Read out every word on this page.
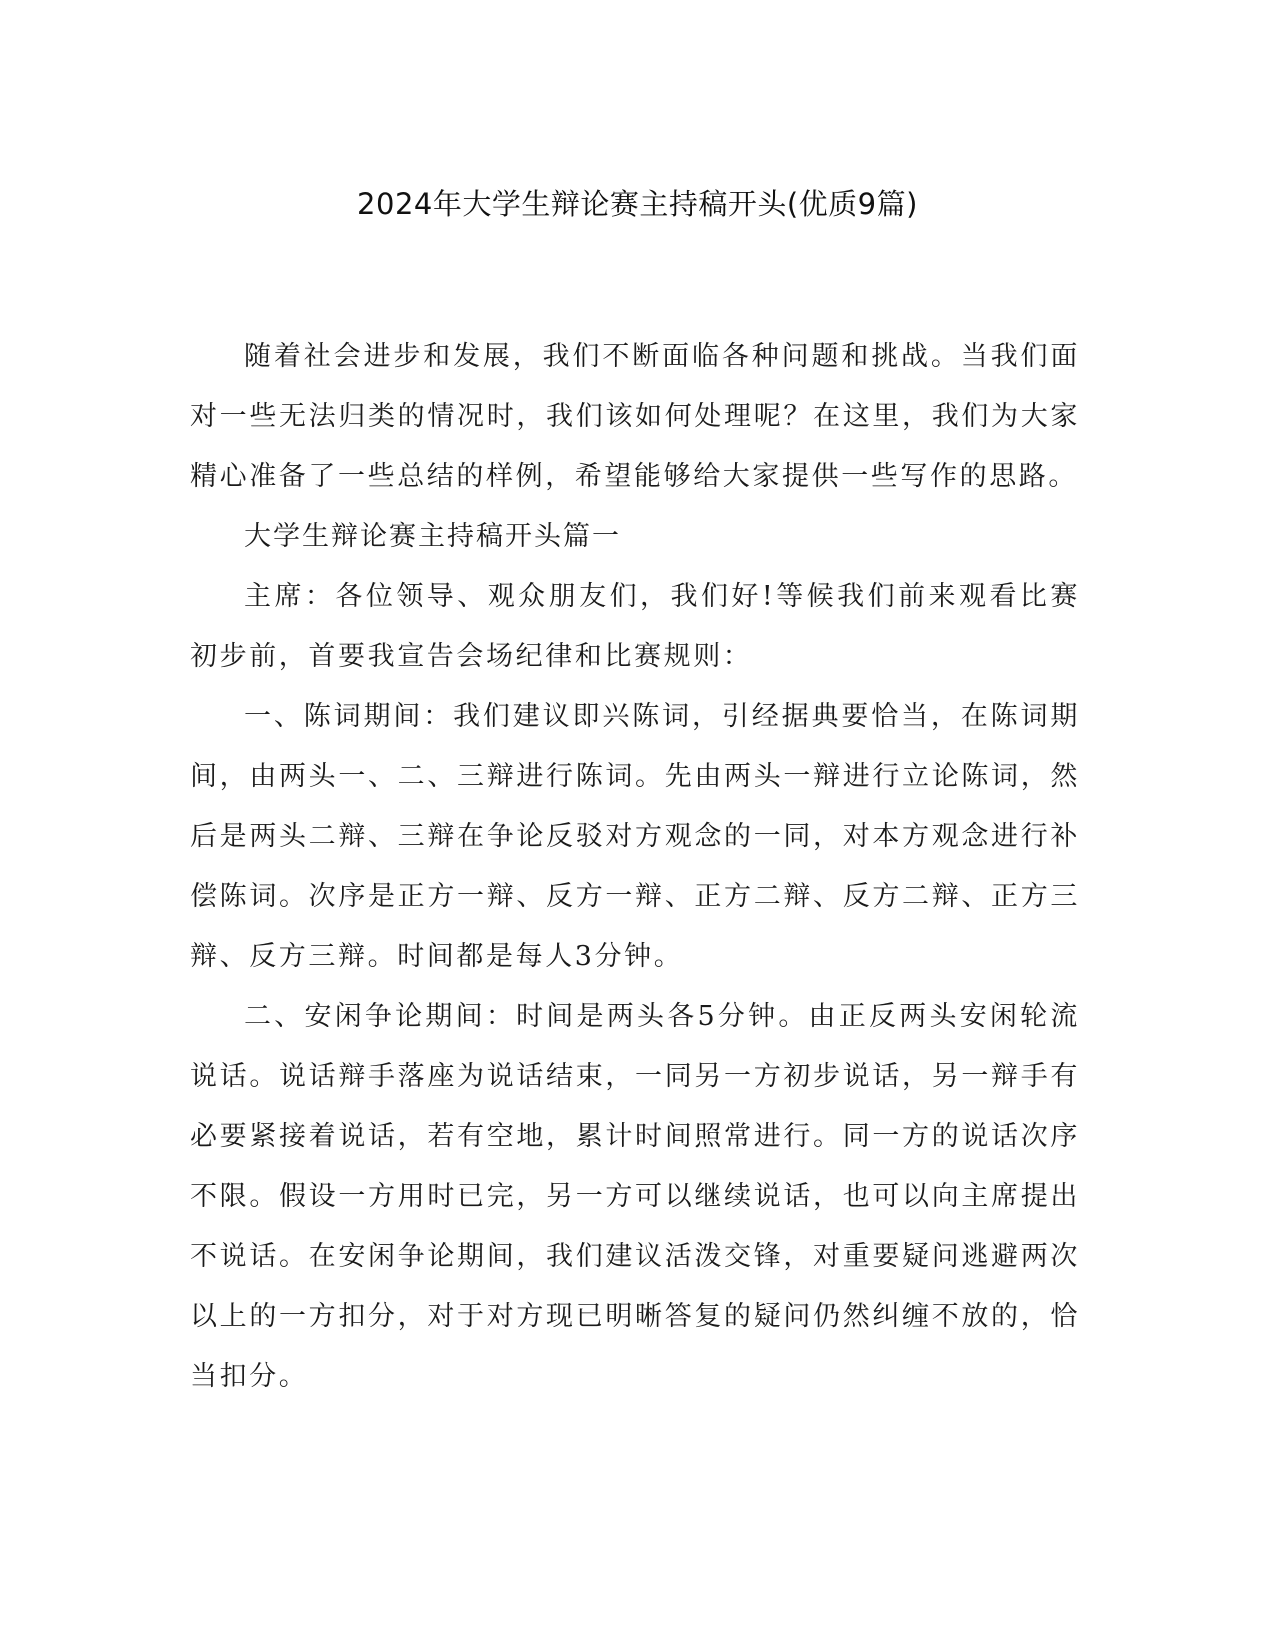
2024年大学生辩论赛主持稿开头(优质9篇)

随着社会进步和发展，我们不断面临各种问题和挑战。当我们面对一些无法归类的情况时，我们该如何处理呢？在这里，我们为大家精心准备了一些总结的样例，希望能够给大家提供一些写作的思路。

大学生辩论赛主持稿开头篇一

主席：各位领导、观众朋友们，我们好!等候我们前来观看比赛初步前，首要我宣告会场纪律和比赛规则：

一、陈词期间：我们建议即兴陈词，引经据典要恰当，在陈词期间，由两头一、二、三辩进行陈词。先由两头一辩进行立论陈词，然后是两头二辩、三辩在争论反驳对方观念的一同，对本方观念进行补偿陈词。次序是正方一辩、反方一辩、正方二辩、反方二辩、正方三辩、反方三辩。时间都是每人3分钟。

二、安闲争论期间：时间是两头各5分钟。由正反两头安闲轮流说话。说话辩手落座为说话结束，一同另一方初步说话，另一辩手有必要紧接着说话，若有空地，累计时间照常进行。同一方的说话次序不限。假设一方用时已完，另一方可以继续说话，也可以向主席提出不说话。在安闲争论期间，我们建议活泼交锋，对重要疑问逃避两次以上的一方扣分，对于对方现已明晰答复的疑问仍然纠缠不放的，恰当扣分。
